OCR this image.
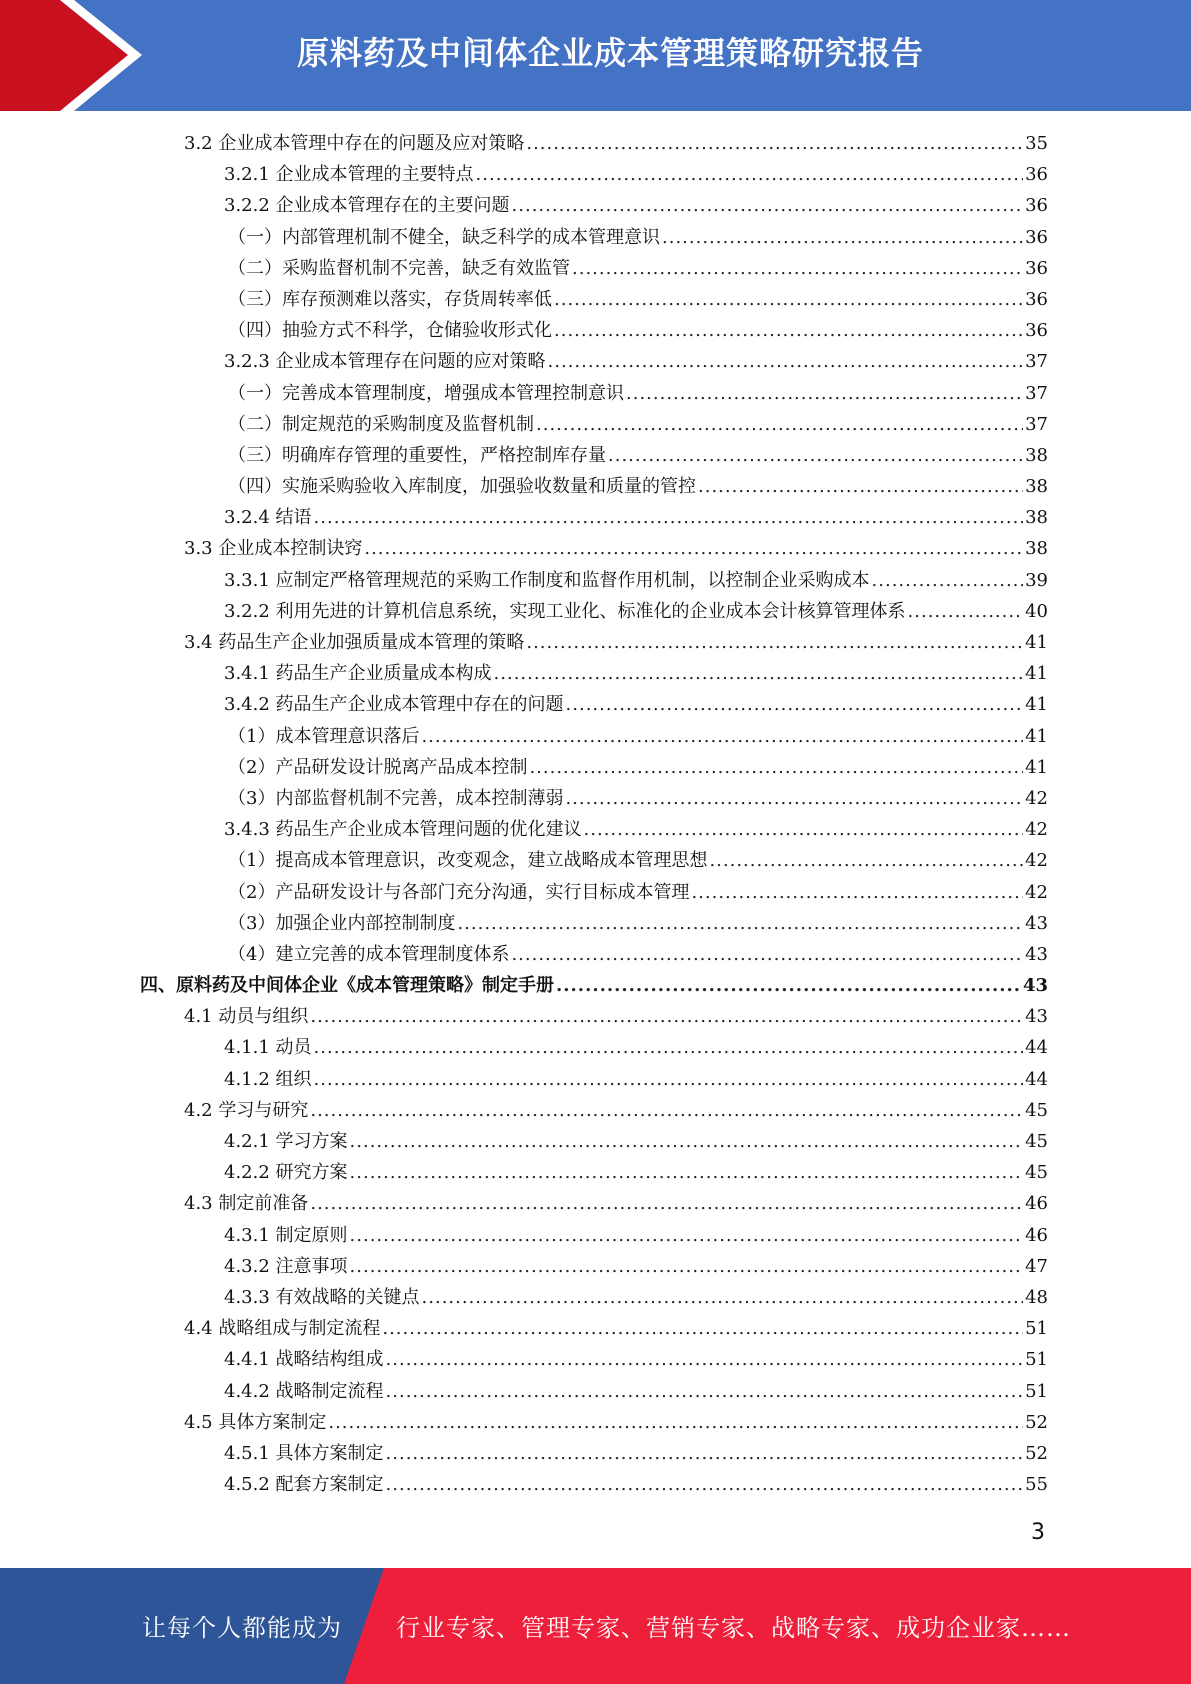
原料药及中间体企业成本管理策略研究报告
3.2 企业成本管理中存在的问题及应对策略 .....	35
3.2.1 企业成本管理的主要特点 .....	36
3.2.2 企业成本管理存在的主要问题 .....	36
（一）内部管理机制不健全，缺乏科学的成本管理意识 .....	36
（二）采购监督机制不完善，缺乏有效监管 .....	36
（三）库存预测难以落实，存货周转率低 .....	36
（四）抽验方式不科学，仓储验收形式化 .....	36
3.2.3 企业成本管理存在问题的应对策略 .....	37
（一）完善成本管理制度，增强成本管理控制意识 .....	37
（二）制定规范的采购制度及监督机制 .....	37
（三）明确库存管理的重要性，严格控制库存量 .....	38
（四）实施采购验收入库制度，加强验收数量和质量的管控 .....	38
3.2.4 结语 .....	38
3.3 企业成本控制诀窍 .....	38
3.3.1 应制定严格管理规范的采购工作制度和监督作用机制，以控制企业采购成本 .....	39
3.2.2 利用先进的计算机信息系统，实现工业化、标准化的企业成本会计核算管理体系 .....	40
3.4 药品生产企业加强质量成本管理的策略 .....	41
3.4.1 药品生产企业质量成本构成 .....	41
3.4.2 药品生产企业成本管理中存在的问题 .....	41
（1）成本管理意识落后 .....	41
（2）产品研发设计脱离产品成本控制 .....	41
（3）内部监督机制不完善，成本控制薄弱 .....	42
3.4.3 药品生产企业成本管理问题的优化建议 .....	42
（1）提高成本管理意识，改变观念，建立战略成本管理思想 .....	42
（2）产品研发设计与各部门充分沟通，实行目标成本管理 .....	42
（3）加强企业内部控制制度 .....	43
（4）建立完善的成本管理制度体系 .....	43
四、原料药及中间体企业《成本管理策略》制定手册 .....	43
4.1 动员与组织 .....	43
4.1.1 动员 .....	44
4.1.2 组织 .....	44
4.2 学习与研究 .....	45
4.2.1 学习方案 .....	45
4.2.2 研究方案 .....	45
4.3 制定前准备 .....	46
4.3.1 制定原则 .....	46
4.3.2 注意事项 .....	47
4.3.3 有效战略的关键点 .....	48
4.4 战略组成与制定流程 .....	51
4.4.1 战略结构组成 .....	51
4.4.2 战略制定流程 .....	51
4.5 具体方案制定 .....	52
4.5.1 具体方案制定 .....	52
4.5.2 配套方案制定 .....	55
3
让每个人都能成为 行业专家、管理专家、营销专家、战略专家、成功企业家……
